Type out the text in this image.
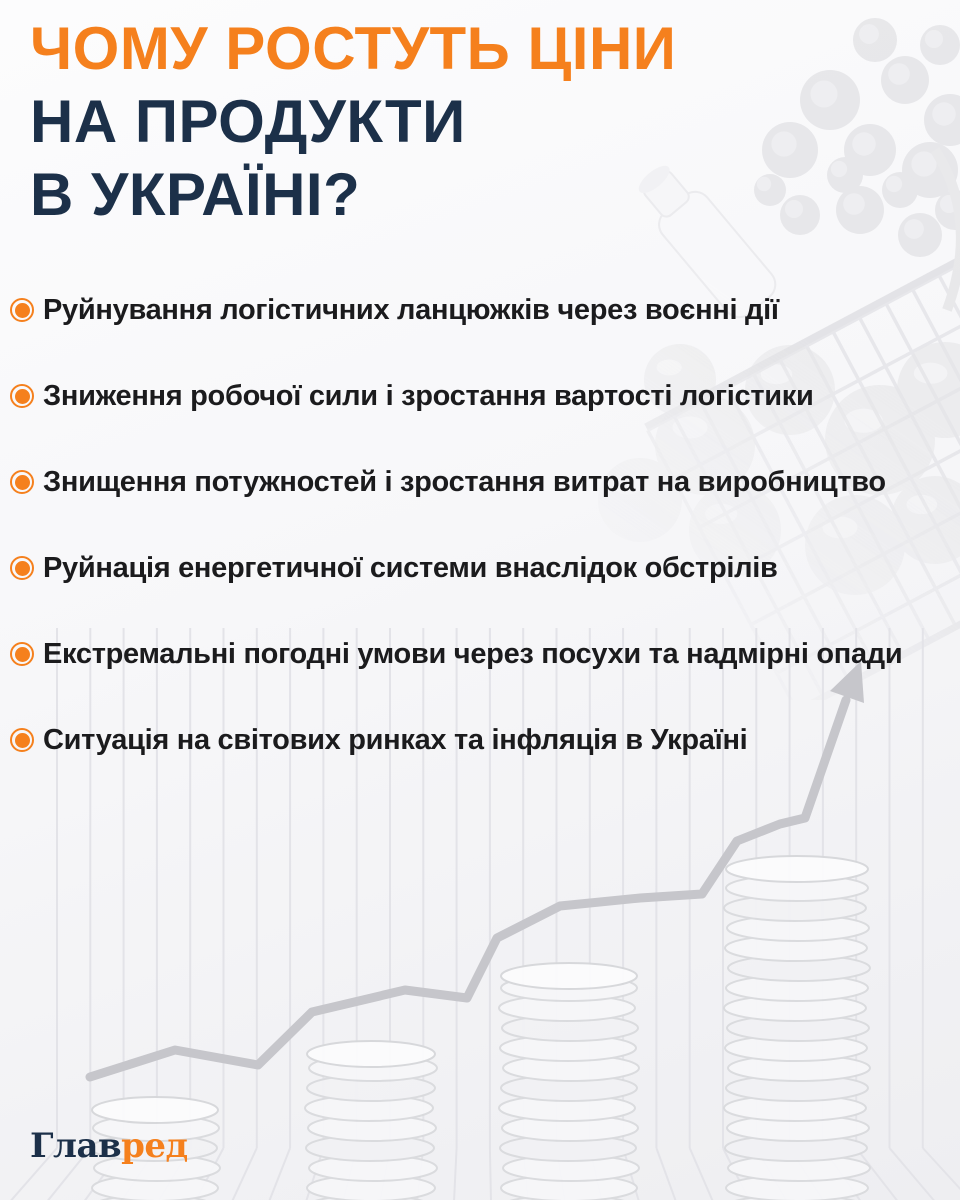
ЧОМУ РОСТУТЬ ЦІНИ
НА ПРОДУКТИ
В УКРАЇНІ?
Руйнування логістичних ланцюжків через воєнні дії
Зниження робочої сили і зростання вартості логістики
Знищення потужностей і зростання витрат на виробництво
Руйнація енергетичної системи внаслідок обстрілів
Екстремальні погодні умови через посухи та надмірні опади
Ситуація на світових ринках та інфляція в Україні
Главред
